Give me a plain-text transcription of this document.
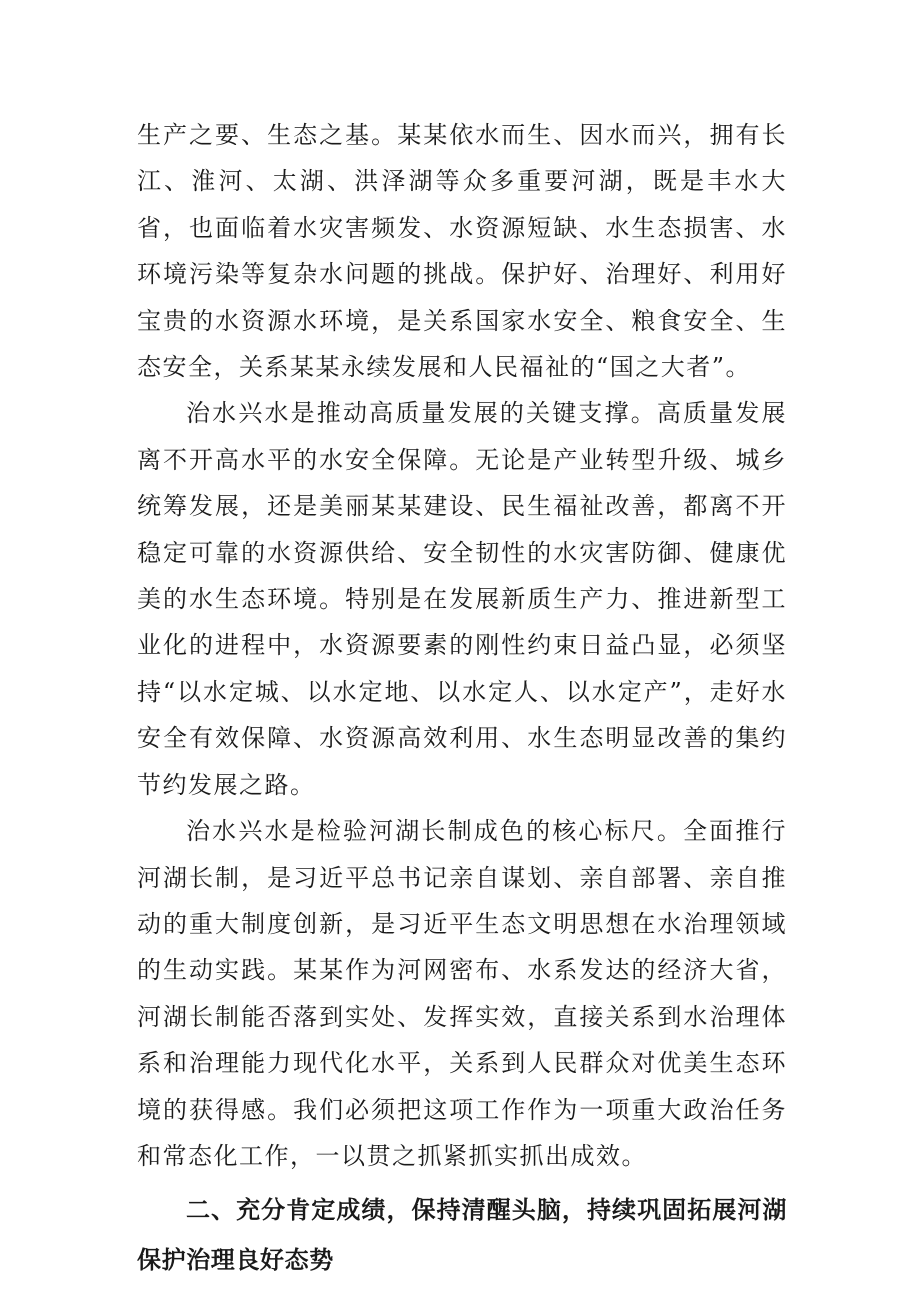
生产之要、生态之基。某某依水而生、因水而兴，拥有长江、淮河、太湖、洪泽湖等众多重要河湖，既是丰水大省，也面临着水灾害频发、水资源短缺、水生态损害、水环境污染等复杂水问题的挑战。保护好、治理好、利用好宝贵的水资源水环境，是关系国家水安全、粮食安全、生态安全，关系某某永续发展和人民福祉的“国之大者”。

治水兴水是推动高质量发展的关键支撑。高质量发展离不开高水平的水安全保障。无论是产业转型升级、城乡统筹发展，还是美丽某某建设、民生福祉改善，都离不开稳定可靠的水资源供给、安全韧性的水灾害防御、健康优美的水生态环境。特别是在发展新质生产力、推进新型工业化的进程中，水资源要素的刚性约束日益凸显，必须坚持“以水定城、以水定地、以水定人、以水定产”，走好水安全有效保障、水资源高效利用、水生态明显改善的集约节约发展之路。

治水兴水是检验河湖长制成色的核心标尺。全面推行河湖长制，是习近平总书记亲自谋划、亲自部署、亲自推动的重大制度创新，是习近平生态文明思想在水治理领域的生动实践。某某作为河网密布、水系发达的经济大省，河湖长制能否落到实处、发挥实效，直接关系到水治理体系和治理能力现代化水平，关系到人民群众对优美生态环境的获得感。我们必须把这项工作作为一项重大政治任务和常态化工作，一以贯之抓紧抓实抓出成效。

二、充分肯定成绩，保持清醒头脑，持续巩固拓展河湖保护治理良好态势
